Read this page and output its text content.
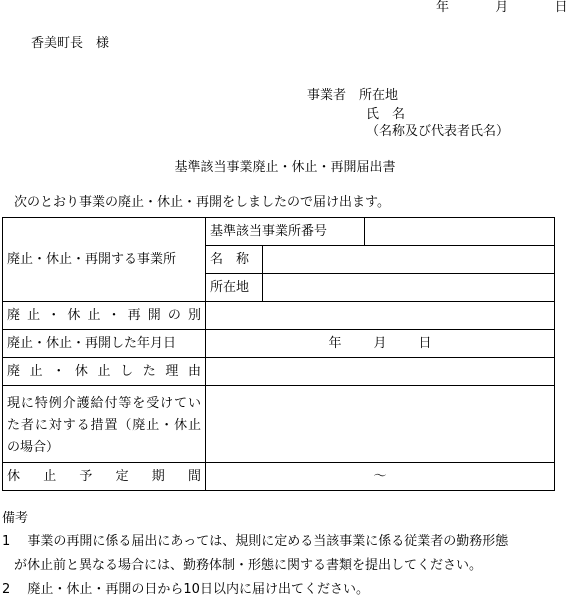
年	月	日
香美町長　様
事業者　所在地
氏　名
（名称及び代表者氏名）
基準該当事業廃止・休止・再開届出書
次のとおり事業の廃止・休止・再開をしましたので届け出ます。
廃止・休止・再開する事業所	基準該当事業所番号		
	名　称		
	所在地		
廃止・休止・再開の別			
廃止・休止・再開した年月日	年 月 日		
廃止・休止した理由			
現に特例介護給付等を受けていた者に対する措置（廃止・休止の場合）			
休止予定期間	～		
備考
1　 事業の再開に係る届出にあっては、規則に定める当該事業に係る従業者の勤務形態
が休止前と異なる場合には、勤務体制・形態に関する書類を提出してください。
2　 廃止・休止・再開の日から10日以内に届け出てください。
